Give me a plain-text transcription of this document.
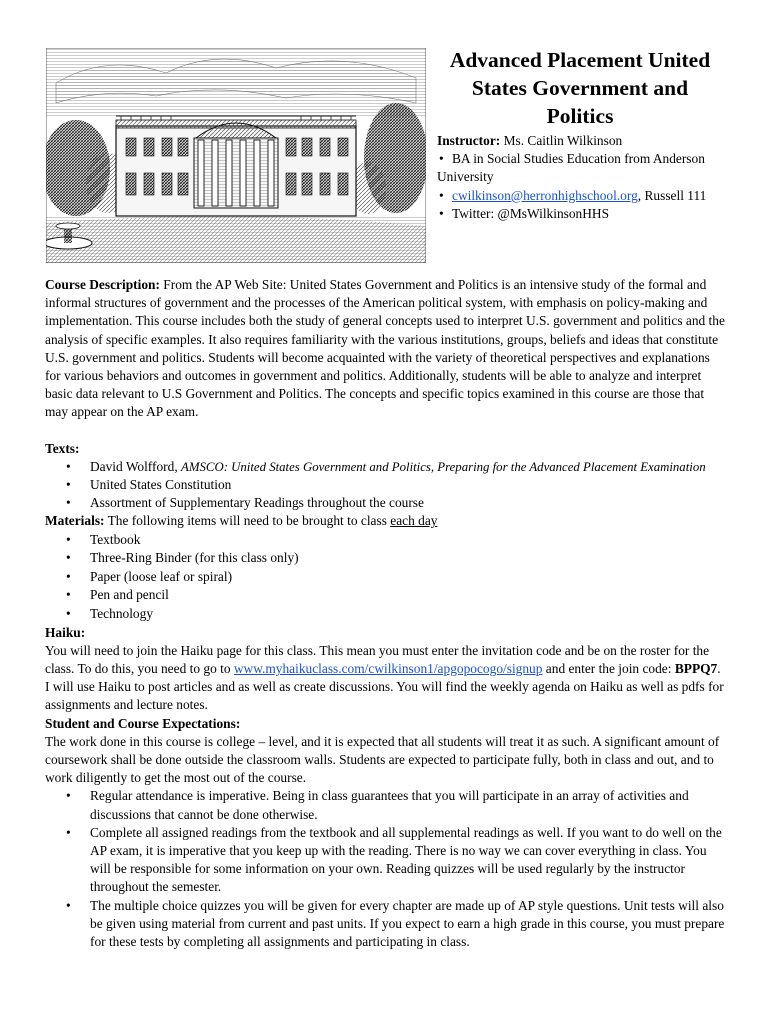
Advanced Placement United States Government and Politics

Instructor: Ms. Caitlin Wilkinson

• BA in Social Studies Education from Anderson University

• cwilkinson@herronhighschool.org, Russell 111

• Twitter: @MsWilkinsonHHS

Course Description: From the AP Web Site: United States Government and Politics is an intensive study of the formal and informal structures of government and the processes of the American political system, with emphasis on policy-making and implementation. This course includes both the study of general concepts used to interpret U.S. government and politics and the analysis of specific examples. It also requires familiarity with the various institutions, groups, beliefs and ideas that constitute U.S. government and politics. Students will become acquainted with the variety of theoretical perspectives and explanations for various behaviors and outcomes in government and politics. Additionally, students will be able to analyze and interpret basic data relevant to U.S Government and Politics. The concepts and specific topics examined in this course are those that may appear on the AP exam.

Texts:

• David Wolfford, AMSCO: United States Government and Politics, Preparing for the Advanced Placement Examination
• United States Constitution
• Assortment of Supplementary Readings throughout the course

Materials: The following items will need to be brought to class each day

• Textbook
• Three-Ring Binder (for this class only)
• Paper (loose leaf or spiral)
• Pen and pencil
• Technology

Haiku:

You will need to join the Haiku page for this class. This mean you must enter the invitation code and be on the roster for the class. To do this, you need to go to www.myhaikuclass.com/cwilkinson1/apgopocogo/signup and enter the join code: BPPQ7. I will use Haiku to post articles and as well as create discussions. You will find the weekly agenda on Haiku as well as pdfs for assignments and lecture notes.

Student and Course Expectations:

The work done in this course is college – level, and it is expected that all students will treat it as such. A significant amount of coursework shall be done outside the classroom walls. Students are expected to participate fully, both in class and out, and to work diligently to get the most out of the course.

• Regular attendance is imperative. Being in class guarantees that you will participate in an array of activities and discussions that cannot be done otherwise.
• Complete all assigned readings from the textbook and all supplemental readings as well. If you want to do well on the AP exam, it is imperative that you keep up with the reading. There is no way we can cover everything in class. You will be responsible for some information on your own. Reading quizzes will be used regularly by the instructor throughout the semester.
• The multiple choice quizzes you will be given for every chapter are made up of AP style questions. Unit tests will also be given using material from current and past units. If you expect to earn a high grade in this course, you must prepare for these tests by completing all assignments and participating in class.
